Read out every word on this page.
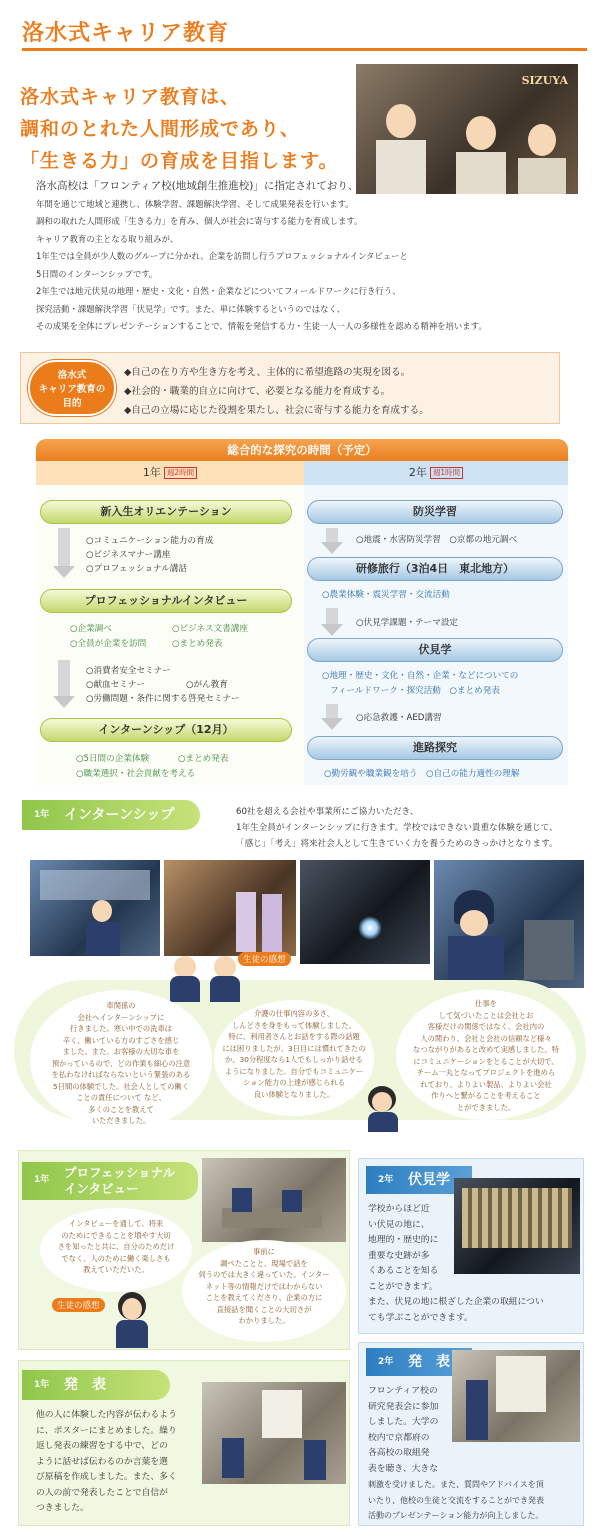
洛水式キャリア教育
洛水式キャリア教育は、
調和のとれた人間形成であり、
「生きる力」の育成を目指します。
SIZUYA

洛水高校は「フロンティア校(地域創生推進校)」に指定されており、

年間を通じて地域と連携し、体験学習、課題解決学習、そして成果発表を行います。

調和の取れた人間形成「生きる力」を育み、個人が社会に寄与する能力を育成します。

キャリア教育の主となる取り組みが、

1年生では全員が少人数のグループに分かれ、企業を訪問し行うプロフェッショナルインタビューと

5日間のインターンシップです。

2年生では地元伏見の地理・歴史・文化・自然・企業などについてフィールドワークに行き行う、

探究活動・課題解決学習「伏見学」です。また、単に体験するというのではなく、

その成果を全体にプレゼンテーションすることで、情報を発信する力・生徒一人一人の多様性を認める精神を培います。

洛水式
キャリア教育の
目的
◆自己の在り方や生き方を考え、主体的に希望進路の実現を図る。
◆社会的・職業的自立に向けて、必要となる能力を育成する。
◆自己の立場に応じた役割を果たし、社会に寄与する能力を育成する。
総合的な探究の時間（予定）
1年 週2時間	2年 週1時間
新入生オリエンテーション
○コミュニケーション能力の育成
○ビジネスマナー講座
○プロフェッショナル講話
プロフェッショナルインタビュー
○企業調べ
○全員が企業を訪問
○ビジネス文書講座
○まとめ発表
○消費者安全セミナー
○献血セミナー	○がん教育
○労働問題・条件に関する啓発セミナー
インターンシップ（12月）
○5日間の企業体験
○職業選択・社会貢献を考える
○まとめ発表
防災学習
○地震・水害防災学習　○京都の地元調べ
研修旅行（3泊4日　東北地方）
○農業体験・震災学習・交流活動
○伏見学課題・テーマ設定
伏見学
○地理・歴史・文化・自然・企業・などについての
フィールドワーク・探究活動　○まとめ発表
○応急救護・AED講習
進路探究
○勤労観や職業観を培う　○自己の能力適性の理解
1年 インターンシップ	60社を超える会社や事業所にご協力いただき、
1年生全員がインターンシップに行きます。学校ではできない貴重な体験を通じて、
「感じ」「考え」将来社会人として生きていく力を養うためのきっかけとなります。
生徒の感想
車関係の
会社へインターンシップに
行きました。寒い中での洗車は
辛く、働いている方のすごさを感じ
ました。また、お客様の大切な車を
預かっているので、どの作業も細心の注意
を払わなければならないという緊張のある
5日間の体験でした。社会人としての働く
ことの責任について など、
多くのことを教えて
いただきました。
介護の仕事内容の多さ、
しんどさを身をもって体験しました。
特に、利用者さんとお話をする際の話題
には困りましたが、3日目には慣れてきたの
か、30分程度なら1人でもしっかり話せる
ようになりました。自分でもコミュニケー
ション能力の上達が感じられる
良い体験となりました。
仕事を
して気づいたことは会社とお
客様だけの関係ではなく、会社内の
人の関わり、会社と会社の信頼など様々
なつながりがあると改めて実感しました。特
にコミュニケーションをとることが大切で、
チーム一丸となってプロジェクトを進めら
れており、よりよい製品、よりよい会社
作りへと繋がることを考えること
とができました。
1年 プロフェッショナル
インタビュー
インタビューを通して、将来
のためにできることを増やす大切
さを知ったと共に、自分のためだけ
でなく、人のために働く楽しさも
教えていただいた。
事前に
調べたことと、現場で話を
伺うのでは大きく違っていた。インター
ネット等の情報だけではわからない
ことを教えてくださり、企業の方に
直接話を聞くことの大切さが
わかりました。
生徒の感想
1年 発　表
他の人に体験した内容が伝わるよう
に、ポスターにまとめました。繰り
返し発表の練習をする中で、どの
ように話せば伝わるのか言葉を選
び原稿を作成しました。また、多く
の人の前で発表したことで自信が
つきました。
2年 伏見学
学校からほど近
い伏見の地に、
地理的・歴史的に
重要な史跡が多
くあることを知る
ことができます。
また、伏見の地に根ざした企業の取組につい
ても学ぶことができます。
2年 発　表
フロンティア校の
研究発表会に参加
しました。大学の
校内で京都府の
各高校の取組発
表を聴き、大きな
刺激を受けました。また、質問やアドバイスを頂
いたり、他校の生徒と交流をすることができ発表
活動のプレゼンテーション能力が向上しました。
